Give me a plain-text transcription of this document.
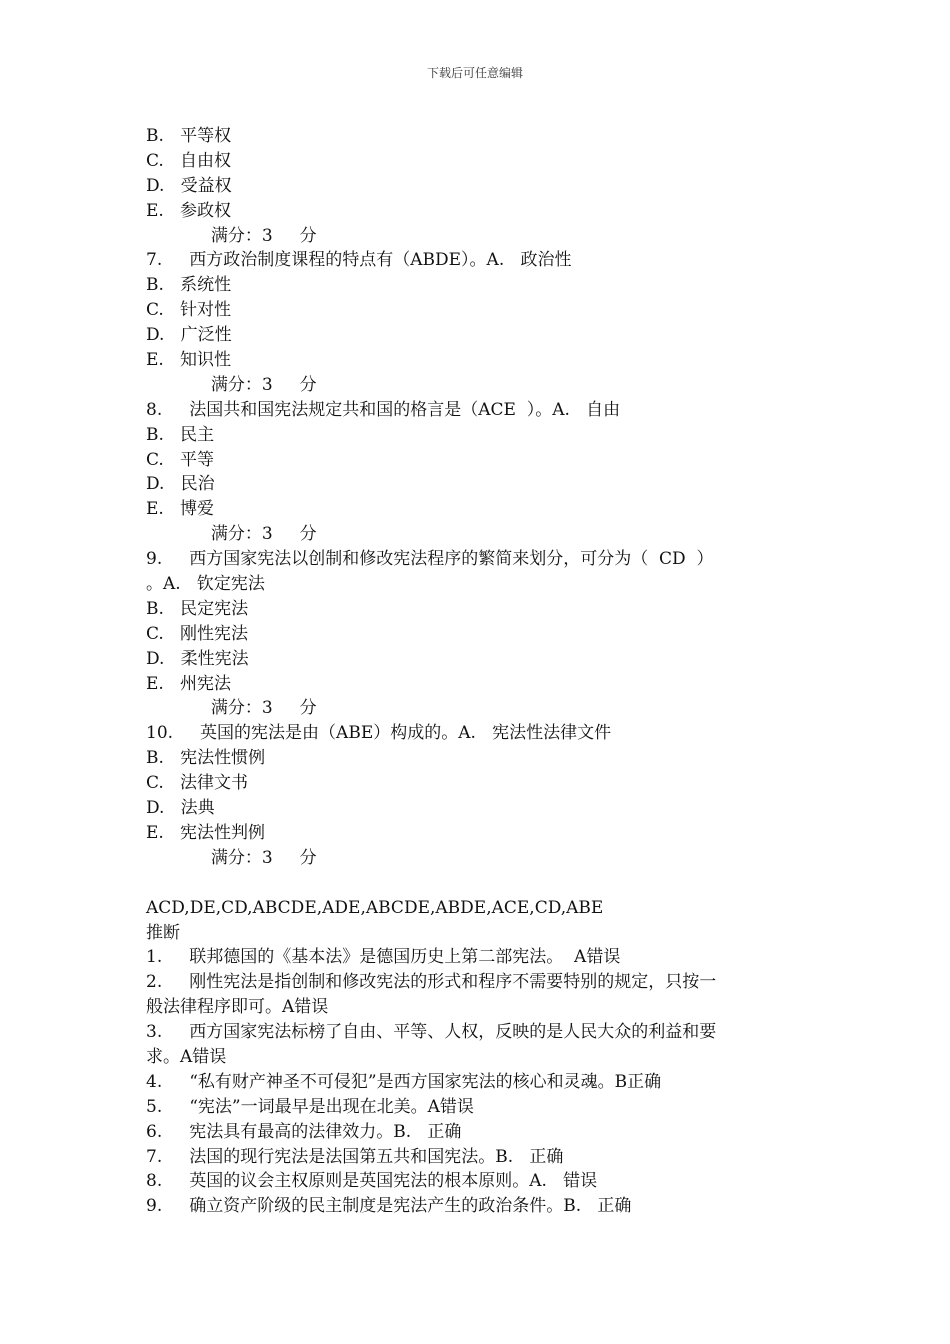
下载后可任意编辑
B.   平等权
C.   自由权
D.   受益权
E.   参政权
满分：3     分
7.     西方政治制度课程的特点有（ABDE）。A.   政治性
B.   系统性
C.   针对性
D.   广泛性
E.   知识性
满分：3     分
8.     法国共和国宪法规定共和国的格言是（ACE  ）。A.   自由
B.   民主
C.   平等
D.   民治
E.   博爱
满分：3     分
9.     西方国家宪法以创制和修改宪法程序的繁简来划分，可分为（  CD  ）
。A.   钦定宪法
B.   民定宪法
C.   刚性宪法
D.   柔性宪法
E.   州宪法
满分：3     分
10.     英国的宪法是由（ABE）构成的。A.   宪法性法律文件
B.   宪法性惯例
C.   法律文书
D.   法典
E.   宪法性判例
满分：3     分
ACD,DE,CD,ABCDE,ADE,ABCDE,ABDE,ACE,CD,ABE
推断
1.     联邦德国的《基本法》是德国历史上第二部宪法。  A错误
2.     刚性宪法是指创制和修改宪法的形式和程序不需要特别的规定，只按一
般法律程序即可。A错误
3.     西方国家宪法标榜了自由、平等、人权，反映的是人民大众的利益和要
求。A错误
4.     “私有财产神圣不可侵犯”是西方国家宪法的核心和灵魂。B正确
5.     “宪法”一词最早是出现在北美。A错误
6.     宪法具有最高的法律效力。B.   正确
7.     法国的现行宪法是法国第五共和国宪法。B.   正确
8.     英国的议会主权原则是英国宪法的根本原则。A.   错误
9.     确立资产阶级的民主制度是宪法产生的政治条件。B.   正确
